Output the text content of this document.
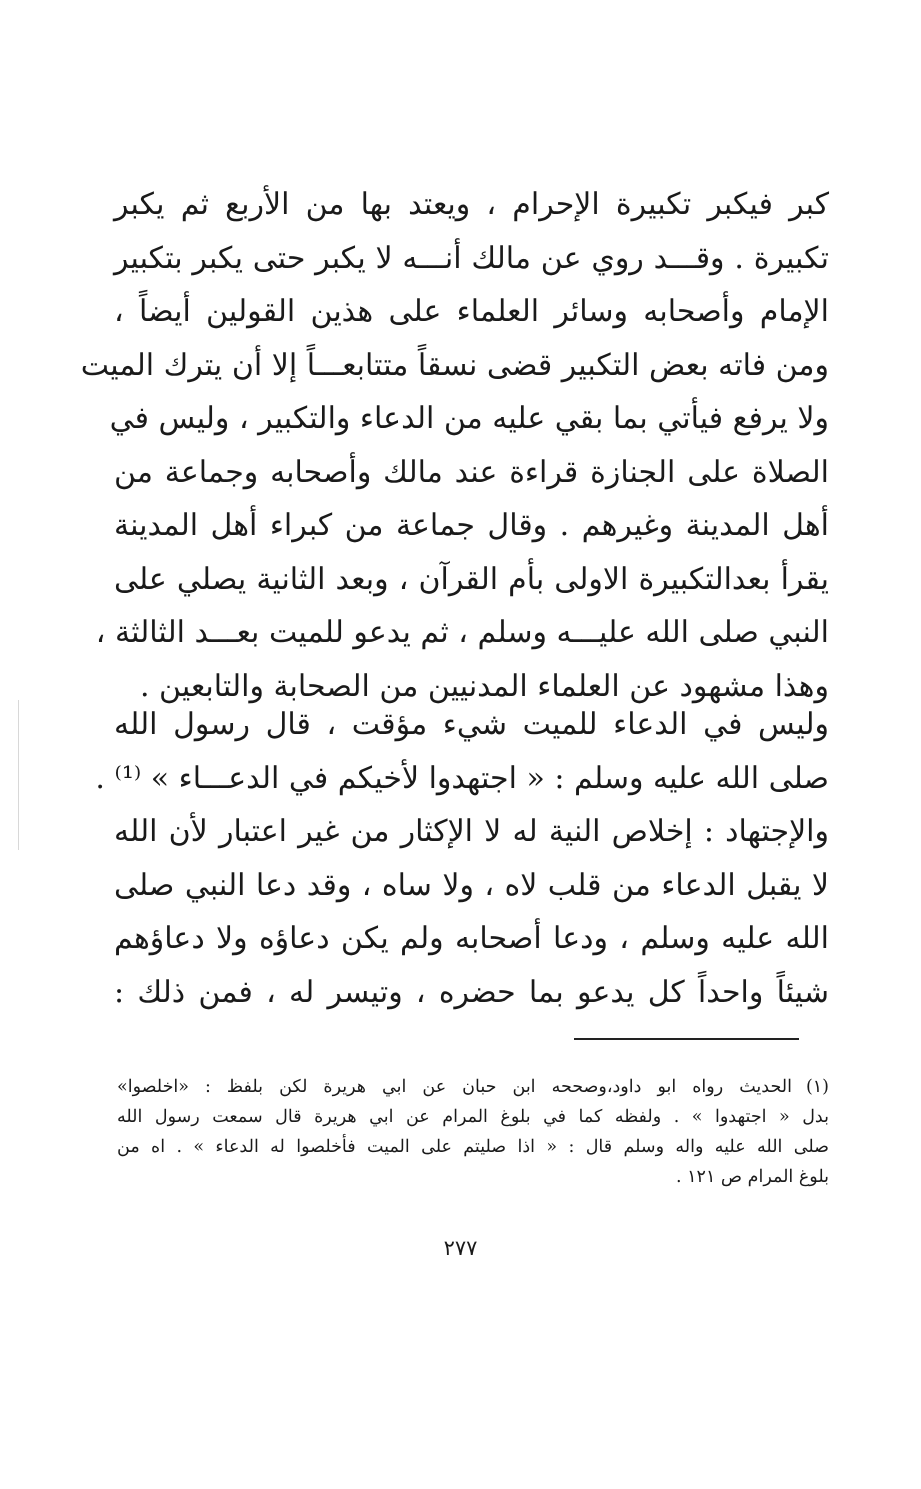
كبر فيكبر تكبيرة الإحرام ، ويعتد بها من الأربع ثم يكبر
تكبيرة . وقـــد روي عن مالك أنـــه لا يكبر حتى يكبر بتكبير
الإمام وأصحابه وسائر العلماء على هذين القولين أيضاً ،
ومن فاته بعض التكبير قضى نسقاً متتابعـــاً إلا أن يترك الميت
ولا يرفع فيأتي بما بقي عليه من الدعاء والتكبير ، وليس في
الصلاة على الجنازة قراءة عند مالك وأصحابه وجماعة من
أهل المدينة وغيرهم . وقال جماعة من كبراء أهل المدينة
يقرأ بعدالتكبيرة الاولى بأم القرآن ، وبعد الثانية يصلي على
النبي صلى الله عليـــه وسلم ، ثم يدعو للميت بعـــد الثالثة ،
وهذا مشهود عن العلماء المدنيين من الصحابة والتابعين .
وليس في الدعاء للميت شيء مؤقت ، قال رسول الله
صلى الله عليه وسلم : « اجتهدوا لأخيكم في الدعـــاء » ⁽¹⁾ .
والإجتهاد : إخلاص النية له لا الإكثار من غير اعتبار لأن الله
لا يقبل الدعاء من قلب لاه ، ولا ساه ، وقد دعا النبي صلى
الله عليه وسلم ، ودعا أصحابه ولم يكن دعاؤه ولا دعاؤهم
شيئاً واحداً كل يدعو بما حضره ، وتيسر له ، فمن ذلك :
(١)الحديث رواه ابو داود،وصححه ابن حبان عن ابي هريرة لكن بلفظ : «اخلصوا»
بدل « اجتهدوا » . ولفظه كما في بلوغ المرام عن ابي هريرة قال سمعت رسول الله
صلى الله عليه واله وسلم قال : « اذا صليتم على الميت فأخلصوا له الدعاء » . اه من
بلوغ المرام ص ١٢١ .
٢٧٧
